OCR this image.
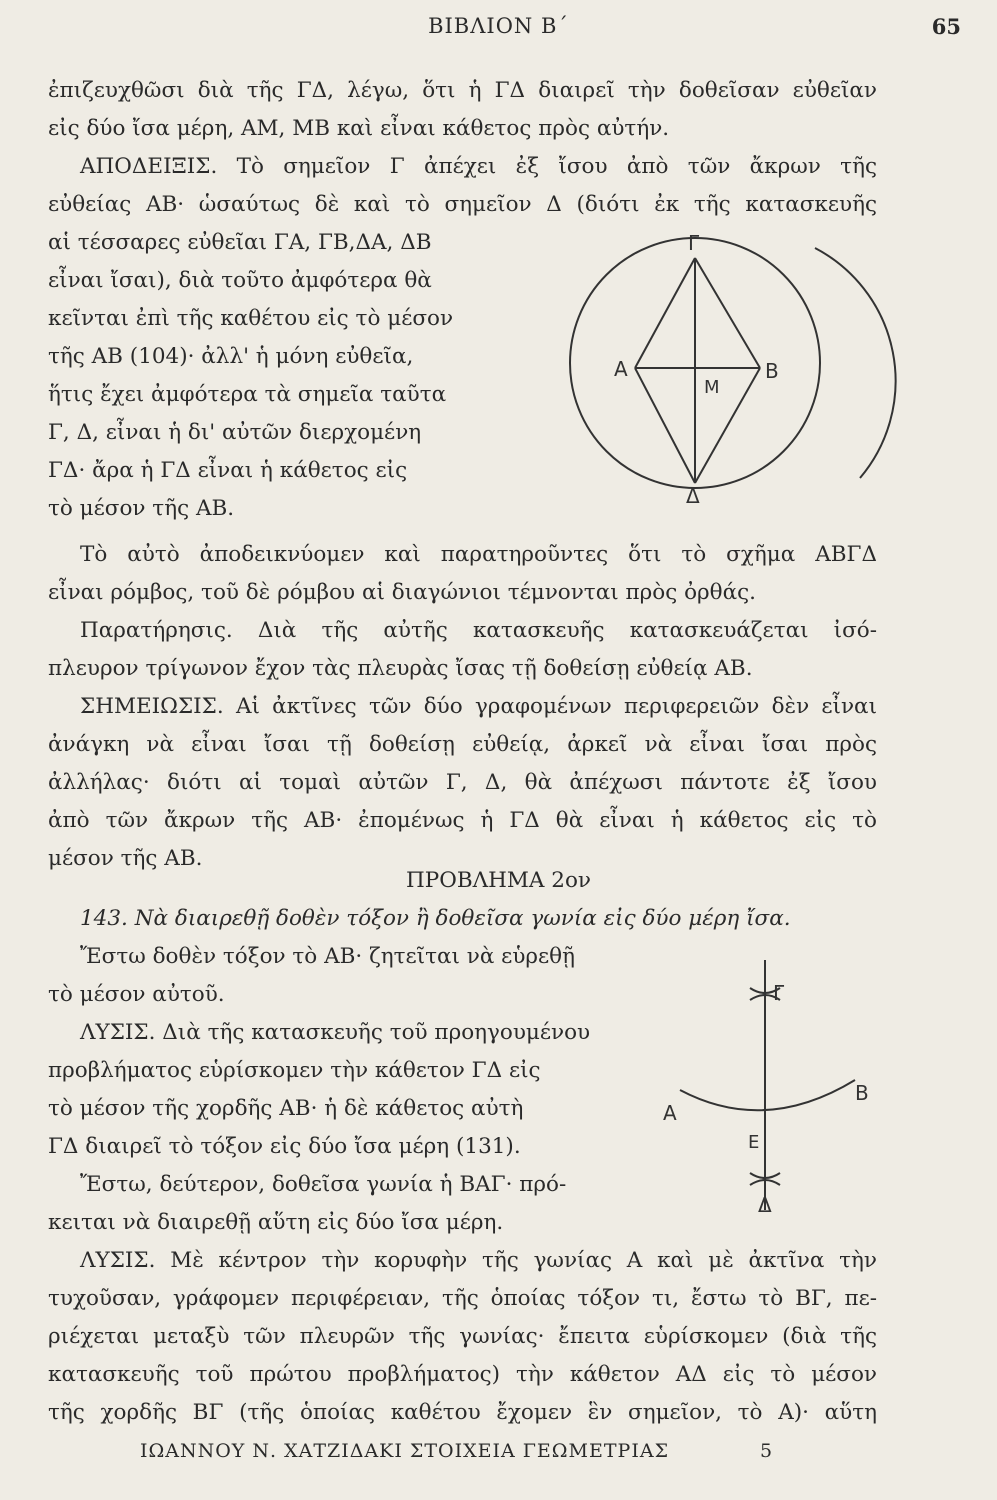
ΒΙΒΛΙΟΝ Β΄	65
ἐπιζευχθῶσι διὰ τῆς ΓΔ, λέγω, ὅτι ἡ ΓΔ διαιρεῖ τὴν δοθεῖσαν εὐθεῖαν
εἰς δύο ἴσα μέρη, ΑΜ, ΜΒ καὶ εἶναι κάθετος πρὸς αὐτήν.
ΑΠΟΔΕΙΞΙΣ. Τὸ σημεῖον Γ ἀπέχει ἐξ ἴσου ἀπὸ τῶν ἄκρων τῆς
εὐθείας ΑΒ· ὡσαύτως δὲ καὶ τὸ σημεῖον Δ (διότι ἐκ τῆς κατασκευῆς
αἱ τέσσαρες εὐθεῖαι ΓΑ, ΓΒ,ΔΑ, ΔΒ
εἶναι ἴσαι), διὰ τοῦτο ἀμφότερα θὰ
κεῖνται ἐπὶ τῆς καθέτου εἰς τὸ μέσον
τῆς ΑΒ (104)· ἀλλ' ἡ μόνη εὐθεῖα,
ἥτις ἔχει ἀμφότερα τὰ σημεῖα ταῦτα
Γ, Δ, εἶναι ἡ δι' αὐτῶν διερχομένη
ΓΔ· ἄρα ἡ ΓΔ εἶναι ἡ κάθετος εἰς
τὸ μέσον τῆς ΑΒ.
Γ
Α
Μ
Β
Δ
Τὸ αὐτὸ ἀποδεικνύομεν καὶ παρατηροῦντες ὅτι τὸ σχῆμα ΑΒΓΔ
εἶναι ρόμβος, τοῦ δὲ ρόμβου αἱ διαγώνιοι τέμνονται πρὸς ὀρθάς.
Παρατήρησις. Διὰ τῆς αὐτῆς κατασκευῆς κατασκευάζεται ἰσό-
πλευρον τρίγωνον ἔχον τὰς πλευρὰς ἴσας τῇ δοθείσῃ εὐθείᾳ ΑΒ.
ΣΗΜΕΙΩΣΙΣ. Αἱ ἀκτῖνες τῶν δύο γραφομένων περιφερειῶν δὲν εἶναι
ἀνάγκη νὰ εἶναι ἴσαι τῇ δοθείσῃ εὐθείᾳ, ἀρκεῖ νὰ εἶναι ἴσαι πρὸς
ἀλλήλας· διότι αἱ τομαὶ αὐτῶν Γ, Δ, θὰ ἀπέχωσι πάντοτε ἐξ ἴσου
ἀπὸ τῶν ἄκρων τῆς ΑΒ· ἐπομένως ἡ ΓΔ θὰ εἶναι ἡ κάθετος εἰς τὸ
μέσον τῆς ΑΒ.
ΠΡΟΒΛΗΜΑ 2ον
143. Νὰ διαιρεθῇ δοθὲν τόξον ἢ δοθεῖσα γωνία εἰς δύο μέρη ἴσα.
Ἔστω δοθὲν τόξον τὸ ΑΒ· ζητεῖται νὰ εὑρεθῇ
τὸ μέσον αὐτοῦ.
ΛΥΣΙΣ. Διὰ τῆς κατασκευῆς τοῦ προηγουμένου
προβλήματος εὑρίσκομεν τὴν κάθετον ΓΔ εἰς
τὸ μέσον τῆς χορδῆς ΑΒ· ἡ δὲ κάθετος αὐτὴ
ΓΔ διαιρεῖ τὸ τόξον εἰς δύο ἴσα μέρη (131).
Ἔστω, δεύτερον, δοθεῖσα γωνία ἡ ΒΑΓ· πρό-
κειται νὰ διαιρεθῇ αὕτη εἰς δύο ἴσα μέρη.
Γ
Α
Β
Ε
Δ
ΛΥΣΙΣ. Μὲ κέντρον τὴν κορυφὴν τῆς γωνίας Α καὶ μὲ ἀκτῖνα τὴν
τυχοῦσαν, γράφομεν περιφέρειαν, τῆς ὁποίας τόξον τι, ἔστω τὸ ΒΓ, πε-
ριέχεται μεταξὺ τῶν πλευρῶν τῆς γωνίας· ἔπειτα εὑρίσκομεν (διὰ τῆς
κατασκευῆς τοῦ πρώτου προβλήματος) τὴν κάθετον ΑΔ εἰς τὸ μέσον
τῆς χορδῆς ΒΓ (τῆς ὁποίας καθέτου ἔχομεν ἓν σημεῖον, τὸ Α)· αὕτη
ΙΩΑΝΝΟΥ Ν. ΧΑΤΖΙΔΑΚΙ ΣΤΟΙΧΕΙΑ ΓΕΩΜΕΤΡΙΑΣ	5
